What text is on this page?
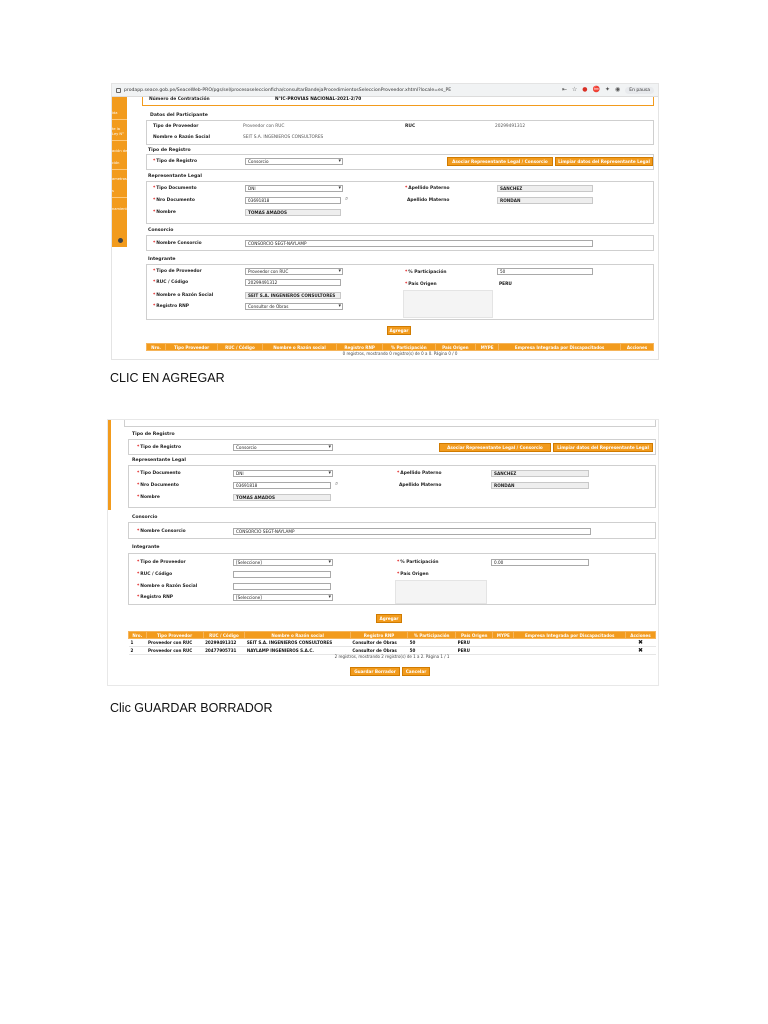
prodapp.seace.gob.pe/SeaceWeb-PRO/pgs/sel/procesoseleccionficha/consultarBandejaProcedimientosSeleccionProveedor.xhtml?locale=es_PE	⇤ ☆ ● ⛔ ✦ ◉	En pausa
ida
te la
Ley N°
ación de
ción
ametros
s
namientas
Número de Contratación	N°IC-PROVIAS NACIONAL-2021-2/70
Datos del Participante
Tipo de Proveedor	Proveedor con RUC	RUC	20299491312
Nombre o Razón Social	SEIT S.A. INGENIEROS CONSULTORES
Tipo de Registro
*Tipo de Registro	Consorcio ▾	Asociar Representante Legal / Consorcio	Limpiar datos del Representante Legal
Representante Legal
*Tipo Documento	DNI ▾
*Nro Documento	03691818	⌕
*Nombre	TOMAS AMADOS
*Apellido Paterno	SANCHEZ
Apellido Materno	RONDAN
Consorcio
*Nombre Consorcio	CONSORCIO SEGT-NAYLAMP
Integrante
*Tipo de Proveedor	Proveedor con RUC ▾
*RUC / Código	20299491312
*Nombre o Razón Social	SEIT S.A. INGENIEROS CONSULTORES
*Registro RNP	Consultor de Obras ▾
*% Participación	50
*País Origen	PERU
Agregar
Nro.	Tipo Proveedor	RUC / Código	Nombre o Razón social	Registro RNP	% Participación	País Origen	MYPE	Empresa Integrada por Discapacitados	Acciones
0 registros, mostrando 0 registro(s) de 0 a 0. Página 0 / 0
CLIC EN AGREGAR
Tipo de Registro
*Tipo de Registro	Consorcio ▾	Asociar Representante Legal / Consorcio	Limpiar datos del Representante Legal
Representante Legal
*Tipo Documento	DNI ▾
*Nro Documento	03691818	⌕
*Nombre	TOMAS AMADOS
*Apellido Paterno	SANCHEZ
Apellido Materno	RONDAN
Consorcio
*Nombre Consorcio	CONSORCIO SEGT-NAYLAMP
Integrante
*Tipo de Proveedor	[Seleccione] ▾
*RUC / Código
*Nombre o Razón Social
*Registro RNP	[Seleccione] ▾
*% Participación	0.00
*País Origen
Agregar
Nro.	Tipo Proveedor	RUC / Código	Nombre o Razón social	Registro RNP	% Participación	País Origen	MYPE	Empresa Integrada por Discapacitados	Acciones
1	Proveedor con RUC	20299491312	SEIT S.A. INGENIEROS CONSULTORES	Consultor de Obras	50	PERU			✖
2	Proveedor con RUC	20477905731	NAYLAMP INGENIEROS S.A.C.	Consultor de Obras	50	PERU			✖
2 registros, mostrando 2 registro(s) de 1 a 2. Página 1 / 1
Guardar Borrador	Cancelar
Clic GUARDAR BORRADOR
